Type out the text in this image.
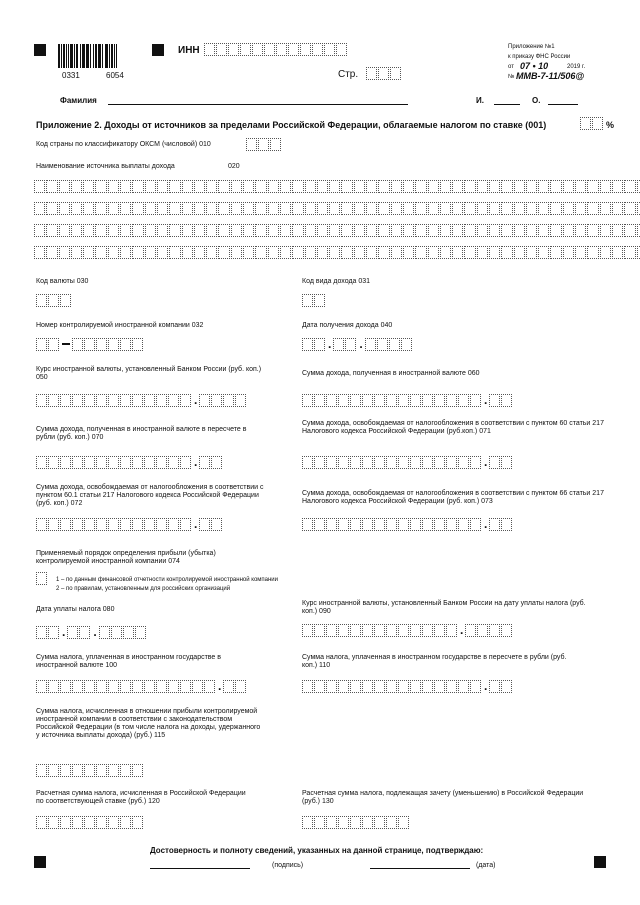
0331	6054
ИНН
Стр.
Приложение №1
к приказу ФНС России
от 07 • 10	2019 г.
№ ММВ-7-11/506@
Фамилия	И.	О.
Приложение 2. Доходы от источников за пределами Российской Федерации, облагаемые налогом по ставке (001)	%
Код страны по классификатору ОКСМ (числовой) 010
Наименование источника выплаты дохода	020
Код валюты 030	Код вида дохода 031
Номер контролируемой иностранной компании 032	Дата получения дохода 040
. .
Курс иностранной валюты, установленный Банком России (руб. коп.) 050
.
Сумма дохода, полученная в иностранной валюте 060
.
Сумма дохода, полученная в иностранной валюте в пересчете в рубли (руб. коп.) 070
.
Сумма дохода, освобождаемая от налогообложения в соответствии с пунктом 60 статьи 217 Налогового кодекса Российской Федерации (руб.коп.) 071
.
Сумма дохода, освобождаемая от налогообложения в соответствии с пунктом 60.1 статьи 217 Налогового кодекса Российской Федерации (руб. коп.) 072
.
Сумма дохода, освобождаемая от налогообложения в соответствии с пунктом 66 статьи 217 Налогового кодекса Российской Федерации (руб. коп.) 073
.
Применяемый порядок определения прибыли (убытка) контролируемой иностранной компании 074
1 – по данным финансовой отчетности контролируемой иностранной компании
2 – по правилам, установленным для российских организаций
Дата уплаты налога 080
. .
Курс иностранной валюты, установленный Банком России на дату уплаты налога (руб. коп.) 090
.
Сумма налога, уплаченная в иностранном государстве в иностранной валюте 100
.
Сумма налога, уплаченная в иностранном государстве в пересчете в рубли (руб. коп.) 110
.
Сумма налога, исчисленная в отношении прибыли контролируемой иностранной компании в соответствии с законодательством Российской Федерации (в том числе налога на доходы, удержанного у источника выплаты дохода) (руб.) 115
Расчетная сумма налога, исчисленная в Российской Федерации по соответствующей ставке (руб.) 120
Расчетная сумма налога, подлежащая зачету (уменьшению) в Российской Федерации (руб.) 130
Достоверность и полноту сведений, указанных на данной странице, подтверждаю:
(подпись)	(дата)
